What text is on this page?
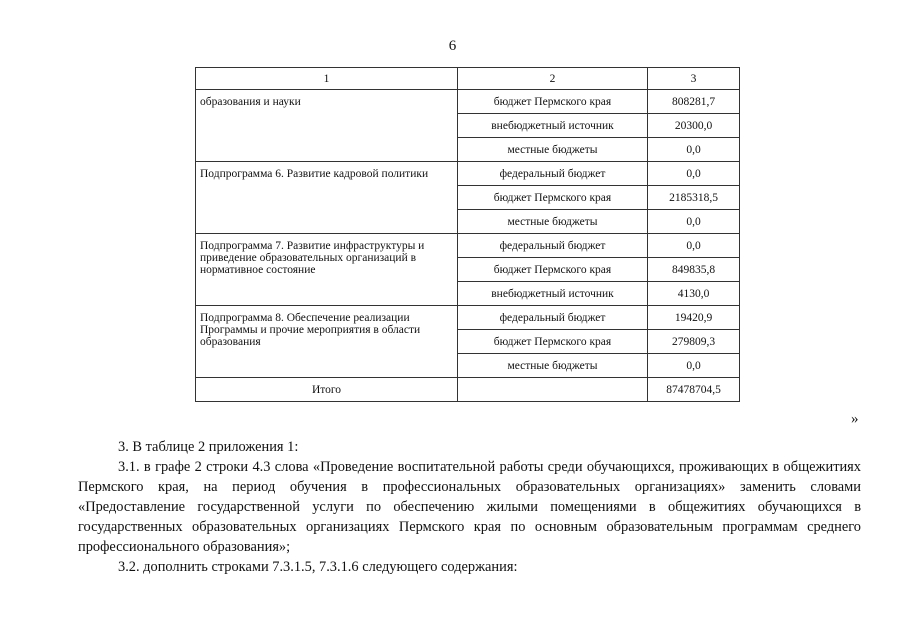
6
1	2	3
образования и науки	бюджет Пермского края	808281,7
	внебюджетный источник	20300,0
	местные бюджеты	0,0
Подпрограмма 6. Развитие кадровой политики	федеральный бюджет	0,0
	бюджет Пермского края	2185318,5
	местные бюджеты	0,0
Подпрограмма 7. Развитие инфраструктуры и приведение образовательных организаций в нормативное состояние	федеральный бюджет	0,0
	бюджет Пермского края	849835,8
	внебюджетный источник	4130,0
Подпрограмма 8. Обеспечение реализации Программы и прочие мероприятия в области образования	федеральный бюджет	19420,9
	бюджет Пермского края	279809,3
	местные бюджеты	0,0
Итого		87478704,5
»

3. В таблице 2 приложения 1:

3.1. в графе 2 строки 4.3 слова «Проведение воспитательной работы среди обучающихся, проживающих в общежитиях Пермского края, на период обучения в профессиональных образовательных организациях» заменить словами «Предоставление государственной услуги по обеспечению жилыми помещениями в общежитиях обучающихся в государственных образовательных организациях Пермского края по основным образовательным программам среднего профессионального образования»;

3.2. дополнить строками 7.3.1.5, 7.3.1.6 следующего содержания:
